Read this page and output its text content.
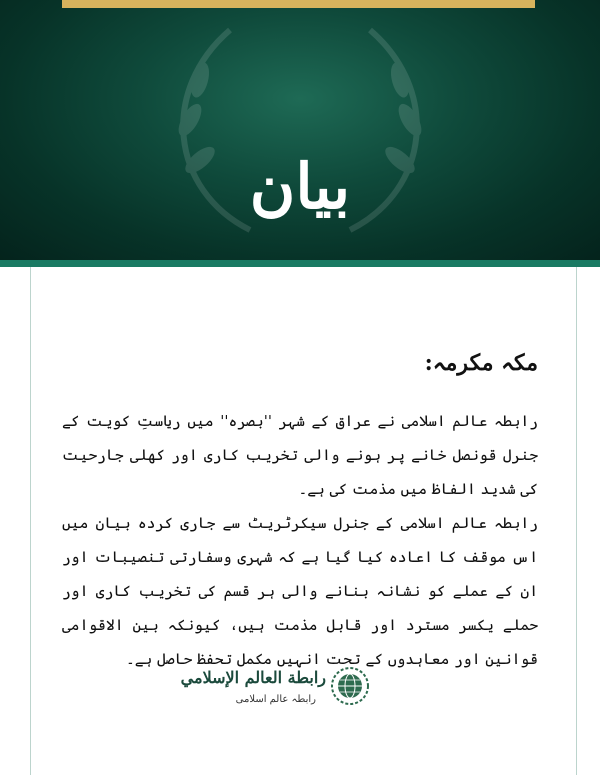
بیان
مکہ مکرمہ:

رابطہ عالم اسلامی نے عراق کے شہر ''بصرہ'' میں ریاستِ کویت کے جنرل قونصل خانے پر ہونے والی تخریب کاری اور کھلی جارحیت کی شدید الفاظ میں مذمت کی ہے۔

رابطہ عالم اسلامی کے جنرل سیکرٹریٹ سے جاری کردہ بیان میں اس موقف کا اعادہ کیا گیا ہے کہ شہری وسفارتی تنصیبات اور ان کے عملے کو نشانہ بنانے والی ہر قسم کی تخریب کاری اور حملے یکسر مسترد اور قابل مذمت ہیں، کیونکہ بین الاقوامی قوانین اور معاہدوں کے تحت انہیں مکمل تحفظ حاصل ہے۔

رابطة العالم الإسلامي
رابطہ عالم اسلامی
